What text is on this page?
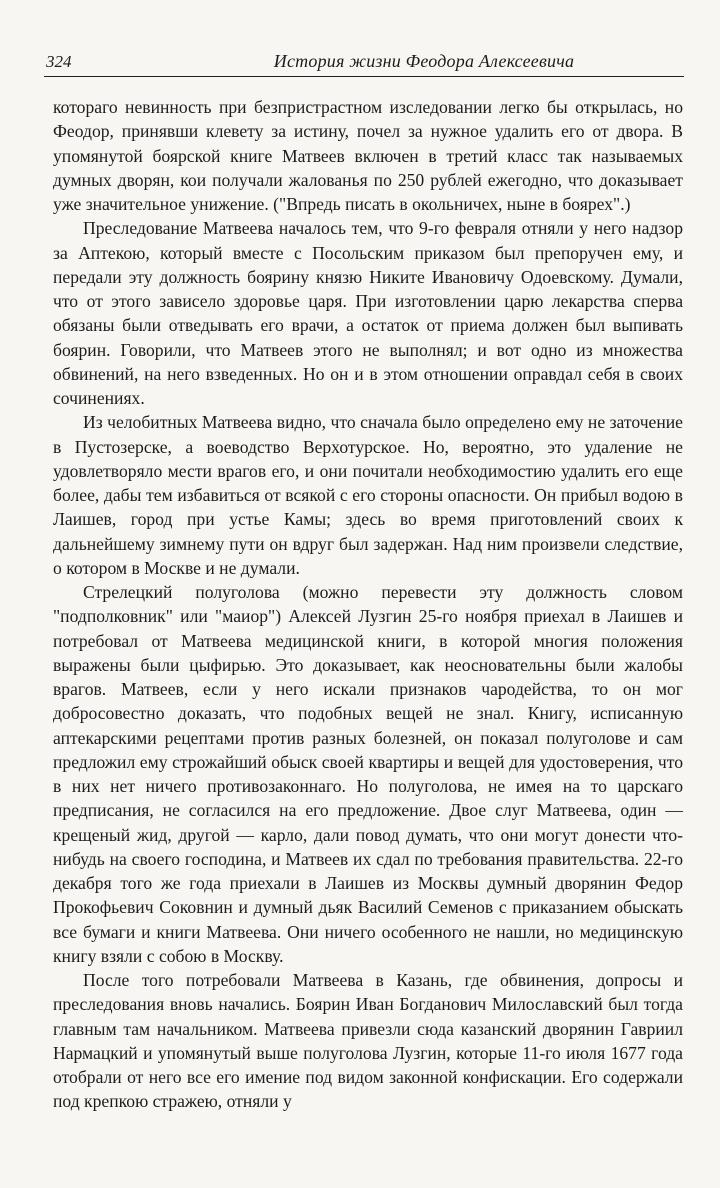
324	История жизни Феодора Алексеевича

котораго невинность при безпристрастном изследовании легко бы открылась, но Феодор, принявши клевету за истину, почел за нужное удалить его от двора. В упомянутой боярской книге Матвеев включен в третий класс так называемых думных дворян, кои получали жалованья по 250 рублей ежегодно, что доказывает уже значительное унижение. ("Впредь писать в окольничех, ныне в боярех".)

Преследование Матвеева началось тем, что 9-го февраля отняли у него надзор за Аптекою, который вместе с Посольским приказом был препоручен ему, и передали эту должность боярину князю Никите Ивановичу Одоевскому. Думали, что от этого зависело здоровье царя. При изготовлении царю лекарства сперва обязаны были отведывать его врачи, а остаток от приема должен был выпивать боярин. Говорили, что Матвеев этого не выполнял; и вот одно из множества обвинений, на него взведенных. Но он и в этом отношении оправдал себя в своих сочинениях.

Из челобитных Матвеева видно, что сначала было определено ему не заточение в Пустозерске, а воеводство Верхотурское. Но, вероятно, это удаление не удовлетворяло мести врагов его, и они почитали необходимостию удалить его еще более, дабы тем избавиться от всякой с его стороны опасности. Он прибыл водою в Лаишев, город при устье Камы; здесь во время приготовлений своих к дальнейшему зимнему пути он вдруг был задержан. Над ним произвели следствие, о котором в Москве и не думали.

Стрелецкий полуголова (можно перевести эту должность словом "подполковник" или "маиор") Алексей Лузгин 25-го ноября приехал в Лаишев и потребовал от Матвеева медицинской книги, в которой многия положения выражены были цыфирью. Это доказывает, как неосновательны были жалобы врагов. Матвеев, если у него искали признаков чародейства, то он мог добросовестно доказать, что подобных вещей не знал. Книгу, исписанную аптекарскими рецептами против разных болезней, он показал полуголове и сам предложил ему строжайший обыск своей квартиры и вещей для удостоверения, что в них нет ничего противозаконнаго. Но полуголова, не имея на то царскаго предписания, не согласился на его предложение. Двое слуг Матвеева, один — крещеный жид, другой — карло, дали повод думать, что они могут донести что-нибудь на своего господина, и Матвеев их сдал по требования правительства. 22-го декабря того же года приехали в Лаишев из Москвы думный дворянин Федор Прокофьевич Соковнин и думный дьяк Василий Семенов с приказанием обыскать все бумаги и книги Матвеева. Они ничего особенного не нашли, но медицинскую книгу взяли с собою в Москву.

После того потребовали Матвеева в Казань, где обвинения, допросы и преследования вновь начались. Боярин Иван Богданович Милославский был тогда главным там начальником. Матвеева привезли сюда казанский дворянин Гавриил Нармацкий и упомянутый выше полуголова Лузгин, которые 11-го июля 1677 года отобрали от него все его имение под видом законной конфискации. Его содержали под крепкою стражею, отняли у
